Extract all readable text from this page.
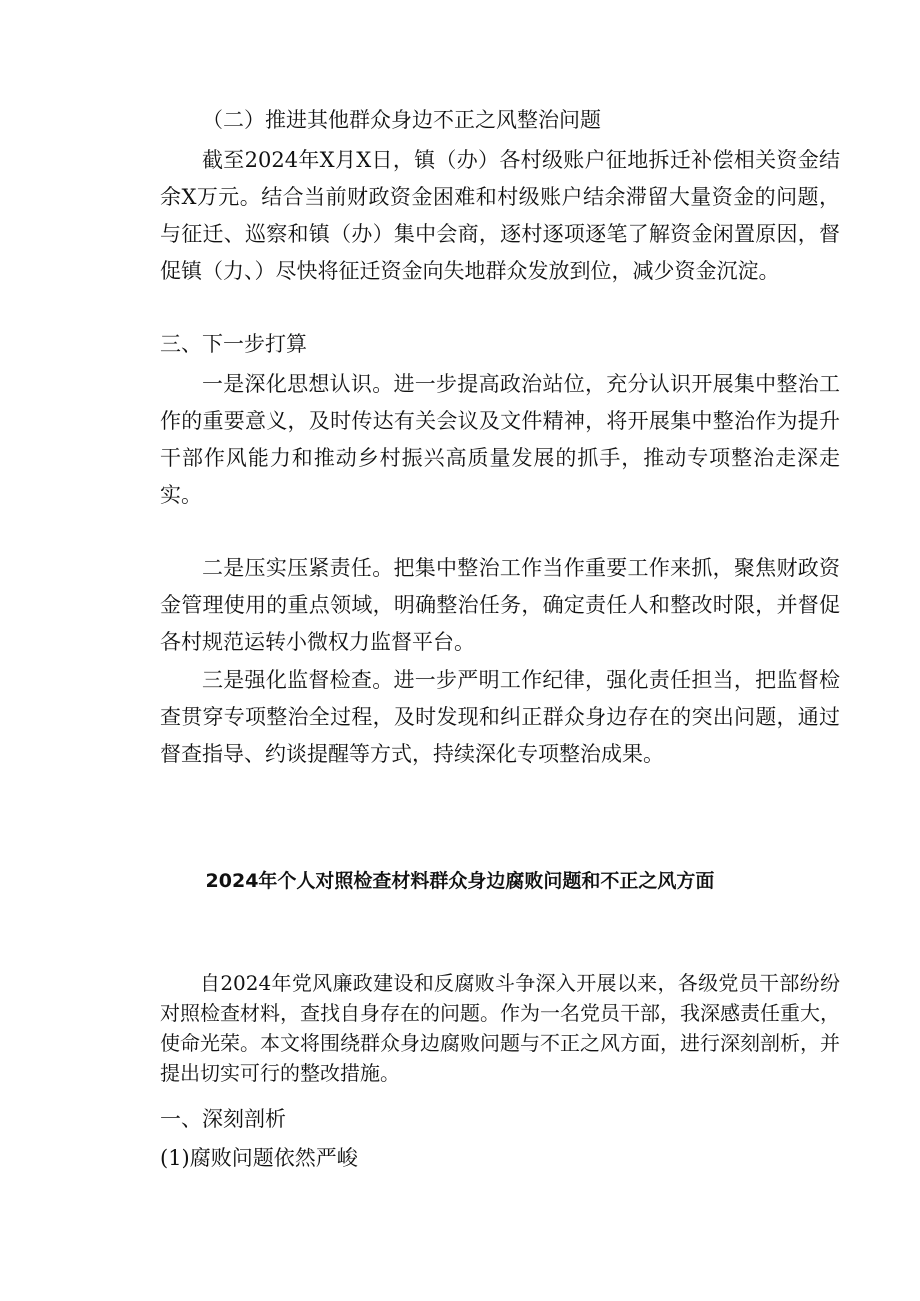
（二）推进其他群众身边不正之风整治问题

截至2024年X月X日，镇（办）各村级账户征地拆迁补偿相关资金结余X万元。结合当前财政资金困难和村级账户结余滞留大量资金的问题，与征迁、巡察和镇（办）集中会商，逐村逐项逐笔了解资金闲置原因，督促镇（力、）尽快将征迁资金向失地群众发放到位，减少资金沉淀。

三、下一步打算

一是深化思想认识。进一步提高政治站位，充分认识开展集中整治工作的重要意义，及时传达有关会议及文件精神，将开展集中整治作为提升干部作风能力和推动乡村振兴高质量发展的抓手，推动专项整治走深走实。

二是压实压紧责任。把集中整治工作当作重要工作来抓，聚焦财政资金管理使用的重点领域，明确整治任务，确定责任人和整改时限，并督促各村规范运转小微权力监督平台。

三是强化监督检查。进一步严明工作纪律，强化责任担当，把监督检查贯穿专项整治全过程，及时发现和纠正群众身边存在的突出问题，通过督查指导、约谈提醒等方式，持续深化专项整治成果。

2024年个人对照检查材料群众身边腐败问题和不正之风方面

自2024年党风廉政建设和反腐败斗争深入开展以来，各级党员干部纷纷对照检查材料，查找自身存在的问题。作为一名党员干部，我深感责任重大，使命光荣。本文将围绕群众身边腐败问题与不正之风方面，进行深刻剖析，并提出切实可行的整改措施。

一、深刻剖析

(1)腐败问题依然严峻
